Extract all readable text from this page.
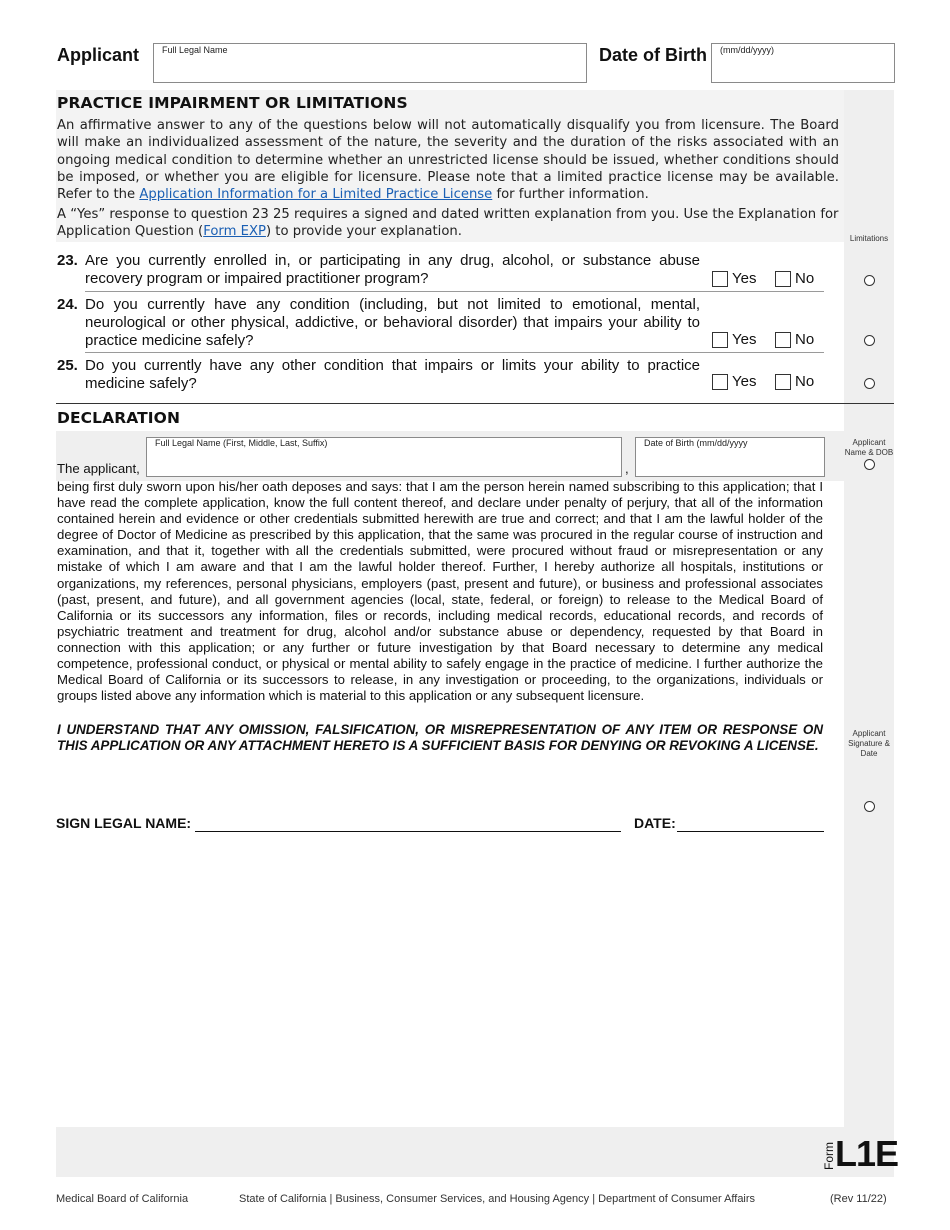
Applicant	Full Legal Name	Date of Birth (mm/dd/yyyy)
PRACTICE IMPAIRMENT OR LIMITATIONS
An affirmative answer to any of the questions below will not automatically disqualify you from licensure. The Board will make an individualized assessment of the nature, the severity and the duration of the risks associated with an ongoing medical condition to determine whether an unrestricted license should be issued, whether conditions should be imposed, or whether you are eligible for licensure. Please note that a limited practice license may be available. Refer to the Application Information for a Limited Practice License for further information.
A “Yes” response to question 23 25 requires a signed and dated written explanation from you. Use the Explanation for Application Question (Form EXP) to provide your explanation.	Limitations
23. Are you currently enrolled in, or participating in any drug, alcohol, or substance abuse recovery program or impaired practitioner program?	Yes	No
24. Do you currently have any condition (including, but not limited to emotional, mental, neurological or other physical, addictive, or behavioral disorder) that impairs your ability to practice medicine safely?	Yes	No
25. Do you currently have any other condition that impairs or limits your ability to practice medicine safely?	Yes	No
DECLARATION
Applicant Name & DOB
Full Legal Name (First, Middle, Last, Suffix)	Date of Birth (mm/dd/yyyy
The applicant,	,
being first duly sworn upon his/her oath deposes and says: that I am the person herein named subscribing to this application; that I have read the complete application, know the full content thereof, and declare under penalty of perjury, that all of the information contained herein and evidence or other credentials submitted herewith are true and correct; and that I am the lawful holder of the degree of Doctor of Medicine as prescribed by this application, that the same was procured in the regular course of instruction and examination, and that it, together with all the credentials submitted, were procured without fraud or misrepresentation or any mistake of which I am aware and that I am the lawful holder thereof. Further, I hereby authorize all hospitals, institutions or organizations, my references, personal physicians, employers (past, present and future), or business and professional associates (past, present, and future), and all government agencies (local, state, federal, or foreign) to release to the Medical Board of California or its successors any information, files or records, including medical records, educational records, and records of psychiatric treatment and treatment for drug, alcohol and/or substance abuse or dependency, requested by that Board in connection with this application; or any further or future investigation by that Board necessary to determine any medical competence, professional conduct, or physical or mental ability to safely engage in the practice of medicine. I further authorize the Medical Board of California or its successors to release, in any investigation or proceeding, to the organizations, individuals or groups listed above any information which is material to this application or any subsequent licensure.
I UNDERSTAND THAT ANY OMISSION, FALSIFICATION, OR MISREPRESENTATION OF ANY ITEM OR RESPONSE ON THIS APPLICATION OR ANY ATTACHMENT HERETO IS A SUFFICIENT BASIS FOR DENYING OR REVOKING A LICENSE.
Applicant Signature & Date
SIGN LEGAL NAME:	DATE:
Form L1E
Medical Board of California	State of California | Business, Consumer Services, and Housing Agency | Department of Consumer Affairs	(Rev 11/22)
